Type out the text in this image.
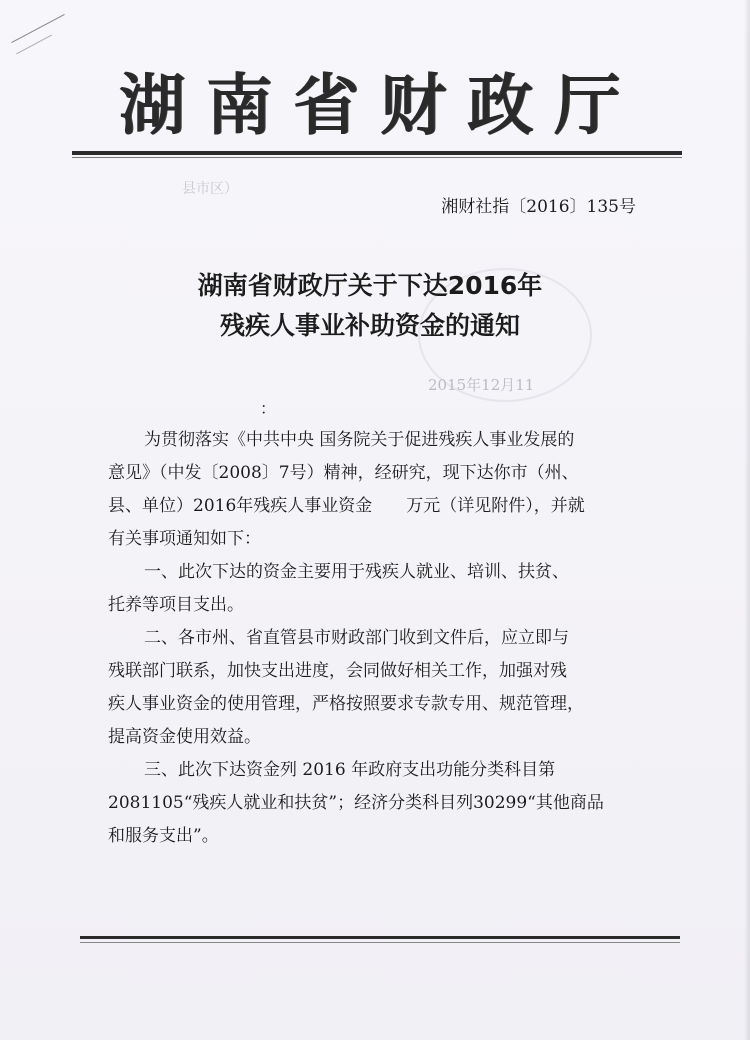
湖南省财政厅
县市区）
湘财社指〔2016〕135号
2015年12月11
湖南省财政厅关于下达2016年
残疾人事业补助资金的通知
：

为贯彻落实《中共中央 国务院关于促进残疾人事业发展的

意见》（中发〔2008〕7号）精神，经研究，现下达你市（州、

县、单位）2016年残疾人事业资金　　万元（详见附件），并就

有关事项通知如下：

一、此次下达的资金主要用于残疾人就业、培训、扶贫、

托养等项目支出。

二、各市州、省直管县市财政部门收到文件后，应立即与

残联部门联系，加快支出进度，会同做好相关工作，加强对残

疾人事业资金的使用管理，严格按照要求专款专用、规范管理，

提高资金使用效益。

三、此次下达资金列 2016 年政府支出功能分类科目第

2081105“残疾人就业和扶贫”；经济分类科目列30299“其他商品

和服务支出”。
